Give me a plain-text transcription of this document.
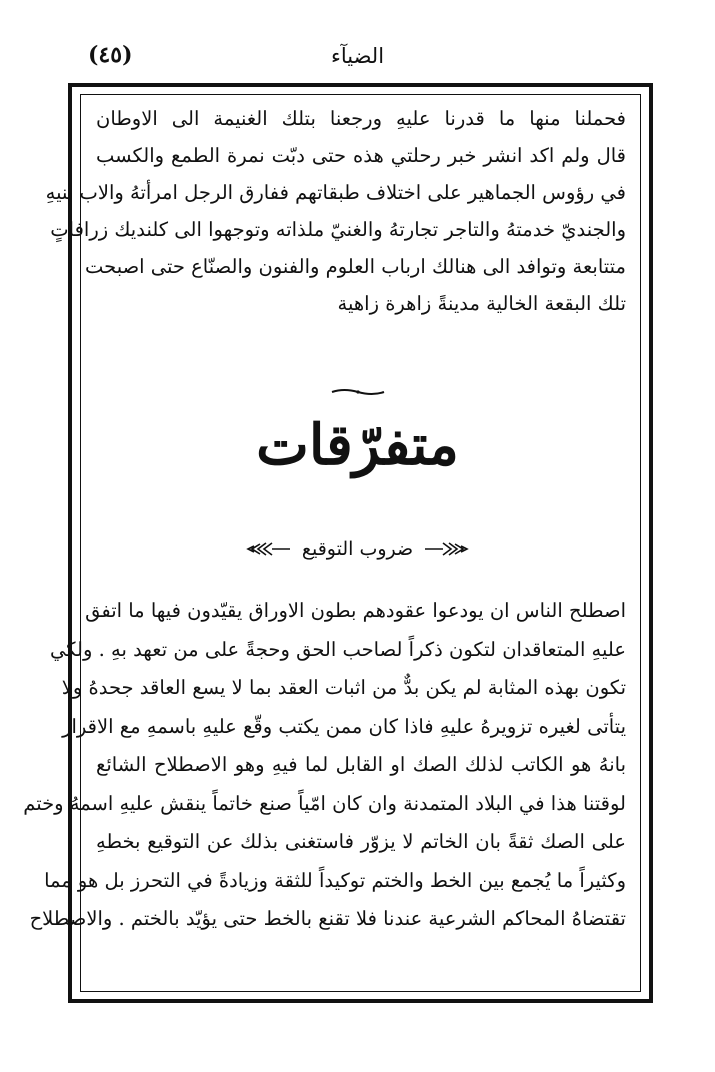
(٤٥)	الضيآء
فحملنا منها ما قدرنا عليهِ ورجعنا بتلك الغنيمة الى الاوطان
قال ولم اكد انشر خبر رحلتي هذه حتى دبّت نمرة الطمع والكسب
في رؤوس الجماهير على اختلاف طبقاتهم ففارق الرجل امرأتهُ والاب بنيهِ
والجنديّ خدمتهُ والتاجر تجارتهُ والغنيّ ملذاته وتوجهوا الى كلنديك زرافاتٍ
متتابعة وتوافد الى هنالك ارباب العلوم والفنون والصنّاع حتى اصبحت
تلك البقعة الخالية مدينةً زاهرة زاهية
متفرّقات
ضروب التوقيع
اصطلح الناس ان يودعوا عقودهم بطون الاوراق يقيّدون فيها ما اتفق
عليهِ المتعاقدان لتكون ذكراً لصاحب الحق وحجةً على من تعهد بهِ . ولكي
تكون بهذه المثابة لم يكن بدٌّ من اثبات العقد بما لا يسع العاقد جحدهُ ولا
يتأتى لغيره تزويرهُ عليهِ فاذا كان ممن يكتب وقّع عليهِ باسمهِ مع الاقرار
بانهُ هو الكاتب لذلك الصك او القابل لما فيهِ وهو الاصطلاح الشائع
لوقتنا هذا في البلاد المتمدنة وان كان امّياً صنع خاتماً ينقش عليهِ اسمهُ وختم
على الصك ثقةً بان الخاتم لا يزوّر فاستغنى بذلك عن التوقيع بخطهِ
وكثيراً ما يُجمع بين الخط والختم توكيداً للثقة وزيادةً في التحرز بل هو مما
تقتضاهُ المحاكم الشرعية عندنا فلا تقنع بالخط حتى يؤيّد بالختم . والاصطلاح
